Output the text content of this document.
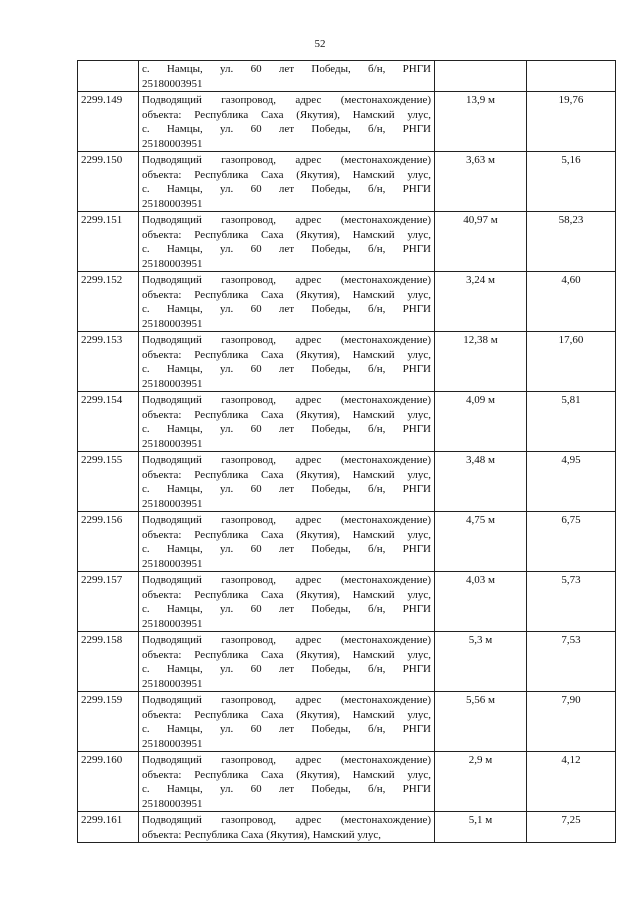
52

	с. Намцы, ул. 60 лет Победы, б/н, РНГИ
25180003951		

2299.149	Подводящий газопровод, адрес (местонахождение)
объекта: Республика Саха (Якутия), Намский улус,
с. Намцы, ул. 60 лет Победы, б/н, РНГИ
25180003951	13,9 м	19,76
2299.150	Подводящий газопровод, адрес (местонахождение)
объекта: Республика Саха (Якутия), Намский улус,
с. Намцы, ул. 60 лет Победы, б/н, РНГИ
25180003951	3,63 м	5,16
2299.151	Подводящий газопровод, адрес (местонахождение)
объекта: Республика Саха (Якутия), Намский улус,
с. Намцы, ул. 60 лет Победы, б/н, РНГИ
25180003951	40,97 м	58,23
2299.152	Подводящий газопровод, адрес (местонахождение)
объекта: Республика Саха (Якутия), Намский улус,
с. Намцы, ул. 60 лет Победы, б/н, РНГИ
25180003951	3,24 м	4,60
2299.153	Подводящий газопровод, адрес (местонахождение)
объекта: Республика Саха (Якутия), Намский улус,
с. Намцы, ул. 60 лет Победы, б/н, РНГИ
25180003951	12,38 м	17,60
2299.154	Подводящий газопровод, адрес (местонахождение)
объекта: Республика Саха (Якутия), Намский улус,
с. Намцы, ул. 60 лет Победы, б/н, РНГИ
25180003951	4,09 м	5,81
2299.155	Подводящий газопровод, адрес (местонахождение)
объекта: Республика Саха (Якутия), Намский улус,
с. Намцы, ул. 60 лет Победы, б/н, РНГИ
25180003951	3,48 м	4,95
2299.156	Подводящий газопровод, адрес (местонахождение)
объекта: Республика Саха (Якутия), Намский улус,
с. Намцы, ул. 60 лет Победы, б/н, РНГИ
25180003951	4,75 м	6,75
2299.157	Подводящий газопровод, адрес (местонахождение)
объекта: Республика Саха (Якутия), Намский улус,
с. Намцы, ул. 60 лет Победы, б/н, РНГИ
25180003951	4,03 м	5,73
2299.158	Подводящий газопровод, адрес (местонахождение)
объекта: Республика Саха (Якутия), Намский улус,
с. Намцы, ул. 60 лет Победы, б/н, РНГИ
25180003951	5,3 м	7,53
2299.159	Подводящий газопровод, адрес (местонахождение)
объекта: Республика Саха (Якутия), Намский улус,
с. Намцы, ул. 60 лет Победы, б/н, РНГИ
25180003951	5,56 м	7,90
2299.160	Подводящий газопровод, адрес (местонахождение)
объекта: Республика Саха (Якутия), Намский улус,
с. Намцы, ул. 60 лет Победы, б/н, РНГИ
25180003951	2,9 м	4,12
2299.161	Подводящий газопровод, адрес (местонахождение)
объекта: Республика Саха (Якутия), Намский улус,	5,1 м	7,25
